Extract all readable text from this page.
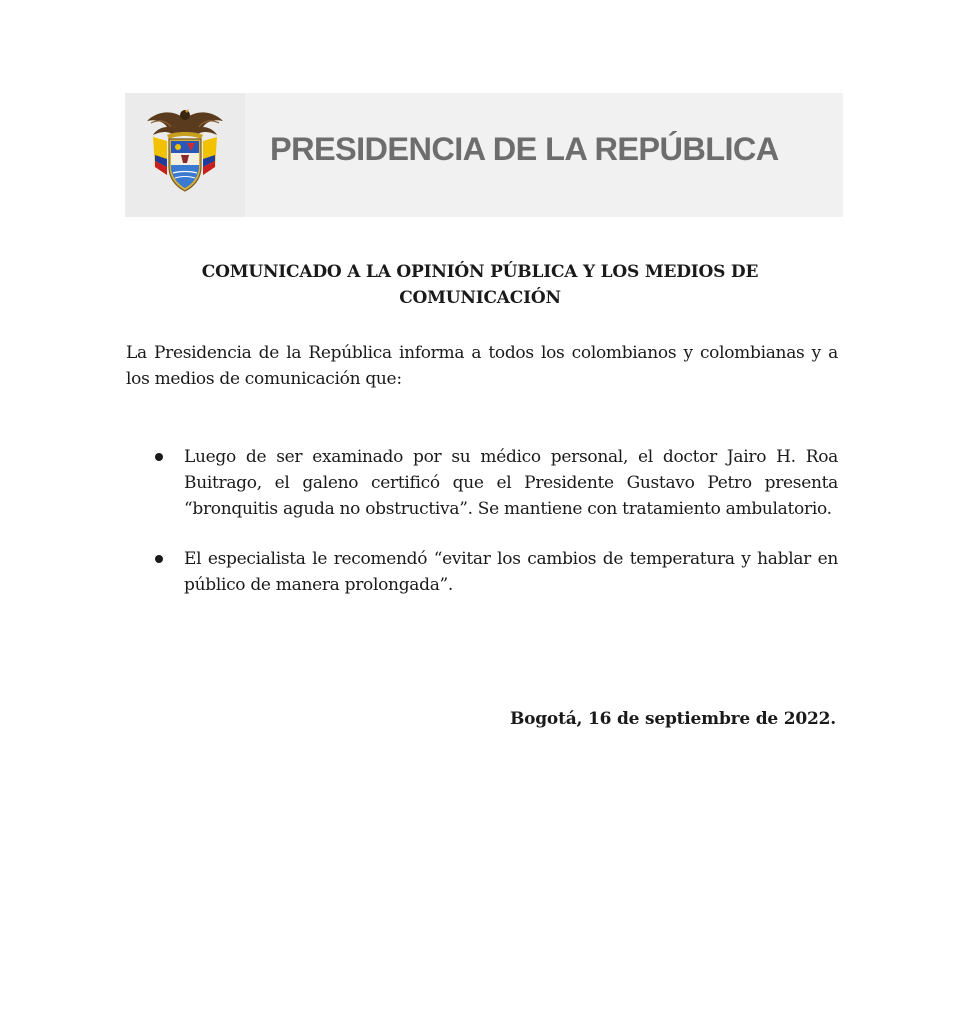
PRESIDENCIA DE LA REPÚBLICA
COMUNICADO A LA OPINIÓN PÚBLICA Y LOS MEDIOS DE
COMUNICACIÓN

La Presidencia de la República informa a todos los colombianos y colombianas y a los medios de comunicación que:

Luego de ser examinado por su médico personal, el doctor Jairo H. Roa Buitrago, el galeno certificó que el Presidente Gustavo Petro presenta “bronquitis aguda no obstructiva”. Se mantiene con tratamiento ambulatorio.
El especialista le recomendó “evitar los cambios de temperatura y hablar en público de manera prolongada”.
Bogotá, 16 de septiembre de 2022.
